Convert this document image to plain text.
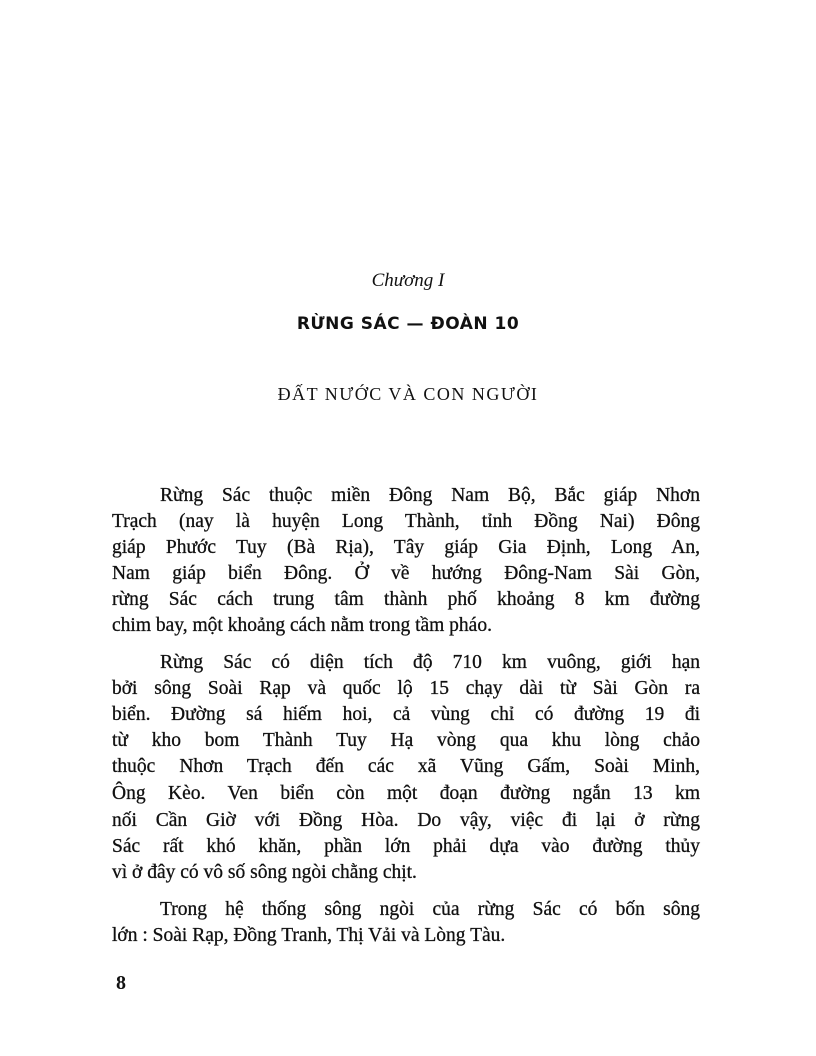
Chương I
RỪNG SÁC — ĐOÀN 10
ĐẤT NƯỚC VÀ CON NGƯỜI
Rừng Sác thuộc miền Đông Nam Bộ, Bắc giáp Nhơn
Trạch (nay là huyện Long Thành, tỉnh Đồng Nai) Đông
giáp Phước Tuy (Bà Rịa), Tây giáp Gia Định, Long An,
Nam giáp biển Đông. Ở về hướng Đông-Nam Sài Gòn,
rừng Sác cách trung tâm thành phố khoảng 8 km đường
chim bay, một khoảng cách nằm trong tầm pháo.
Rừng Sác có diện tích độ 710 km vuông, giới hạn
bởi sông Soài Rạp và quốc lộ 15 chạy dài từ Sài Gòn ra
biển. Đường sá hiếm hoi, cả vùng chỉ có đường 19 đi
từ kho bom Thành Tuy Hạ vòng qua khu lòng chảo
thuộc Nhơn Trạch đến các xã Vũng Gấm, Soài Minh,
Ông Kèo. Ven biển còn một đoạn đường ngắn 13 km
nối Cần Giờ với Đồng Hòa. Do vậy, việc đi lại ở rừng
Sác rất khó khăn, phần lớn phải dựa vào đường thủy
vì ở đây có vô số sông ngòi chằng chịt.
Trong hệ thống sông ngòi của rừng Sác có bốn sông
lớn : Soài Rạp, Đồng Tranh, Thị Vải và Lòng Tàu.
8
